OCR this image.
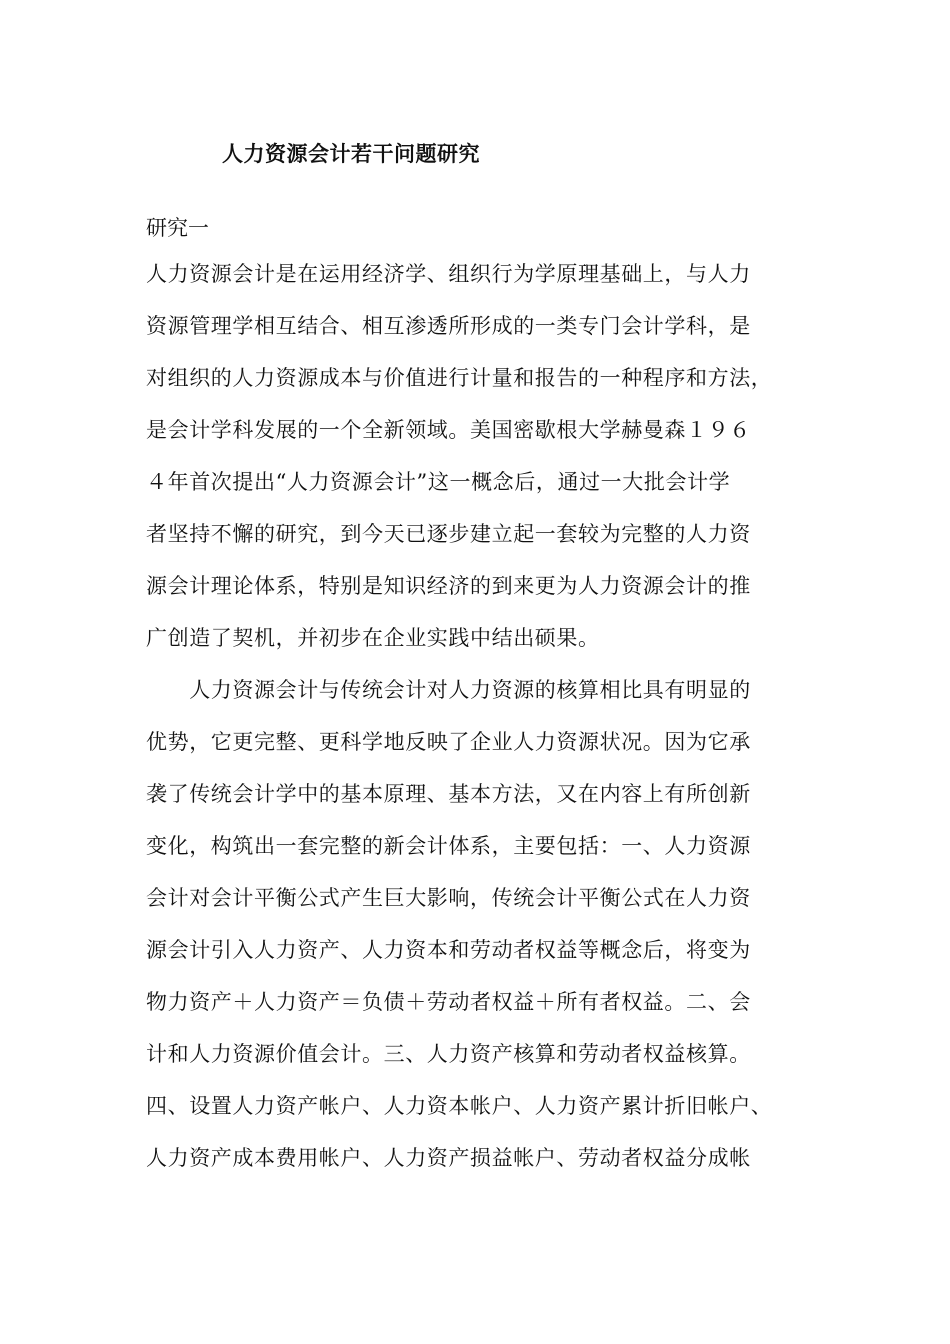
人力资源会计若干问题研究
研究一
人力资源会计是在运用经济学、组织行为学原理基础上，与人力
资源管理学相互结合、相互渗透所形成的一类专门会计学科，是
对组织的人力资源成本与价值进行计量和报告的一种程序和方法，
是会计学科发展的一个全新领域。美国密歇根大学赫曼森１９６
４年首次提出“人力资源会计”这一概念后，通过一大批会计学
者坚持不懈的研究，到今天已逐步建立起一套较为完整的人力资
源会计理论体系，特别是知识经济的到来更为人力资源会计的推
广创造了契机，并初步在企业实践中结出硕果。
　　人力资源会计与传统会计对人力资源的核算相比具有明显的
优势，它更完整、更科学地反映了企业人力资源状况。因为它承
袭了传统会计学中的基本原理、基本方法，又在内容上有所创新
变化，构筑出一套完整的新会计体系，主要包括：一、人力资源
会计对会计平衡公式产生巨大影响，传统会计平衡公式在人力资
源会计引入人力资产、人力资本和劳动者权益等概念后，将变为
物力资产＋人力资产＝负债＋劳动者权益＋所有者权益。二、会
计和人力资源价值会计。三、人力资产核算和劳动者权益核算。
四、设置人力资产帐户、人力资本帐户、人力资产累计折旧帐户、
人力资产成本费用帐户、人力资产损益帐户、劳动者权益分成帐
